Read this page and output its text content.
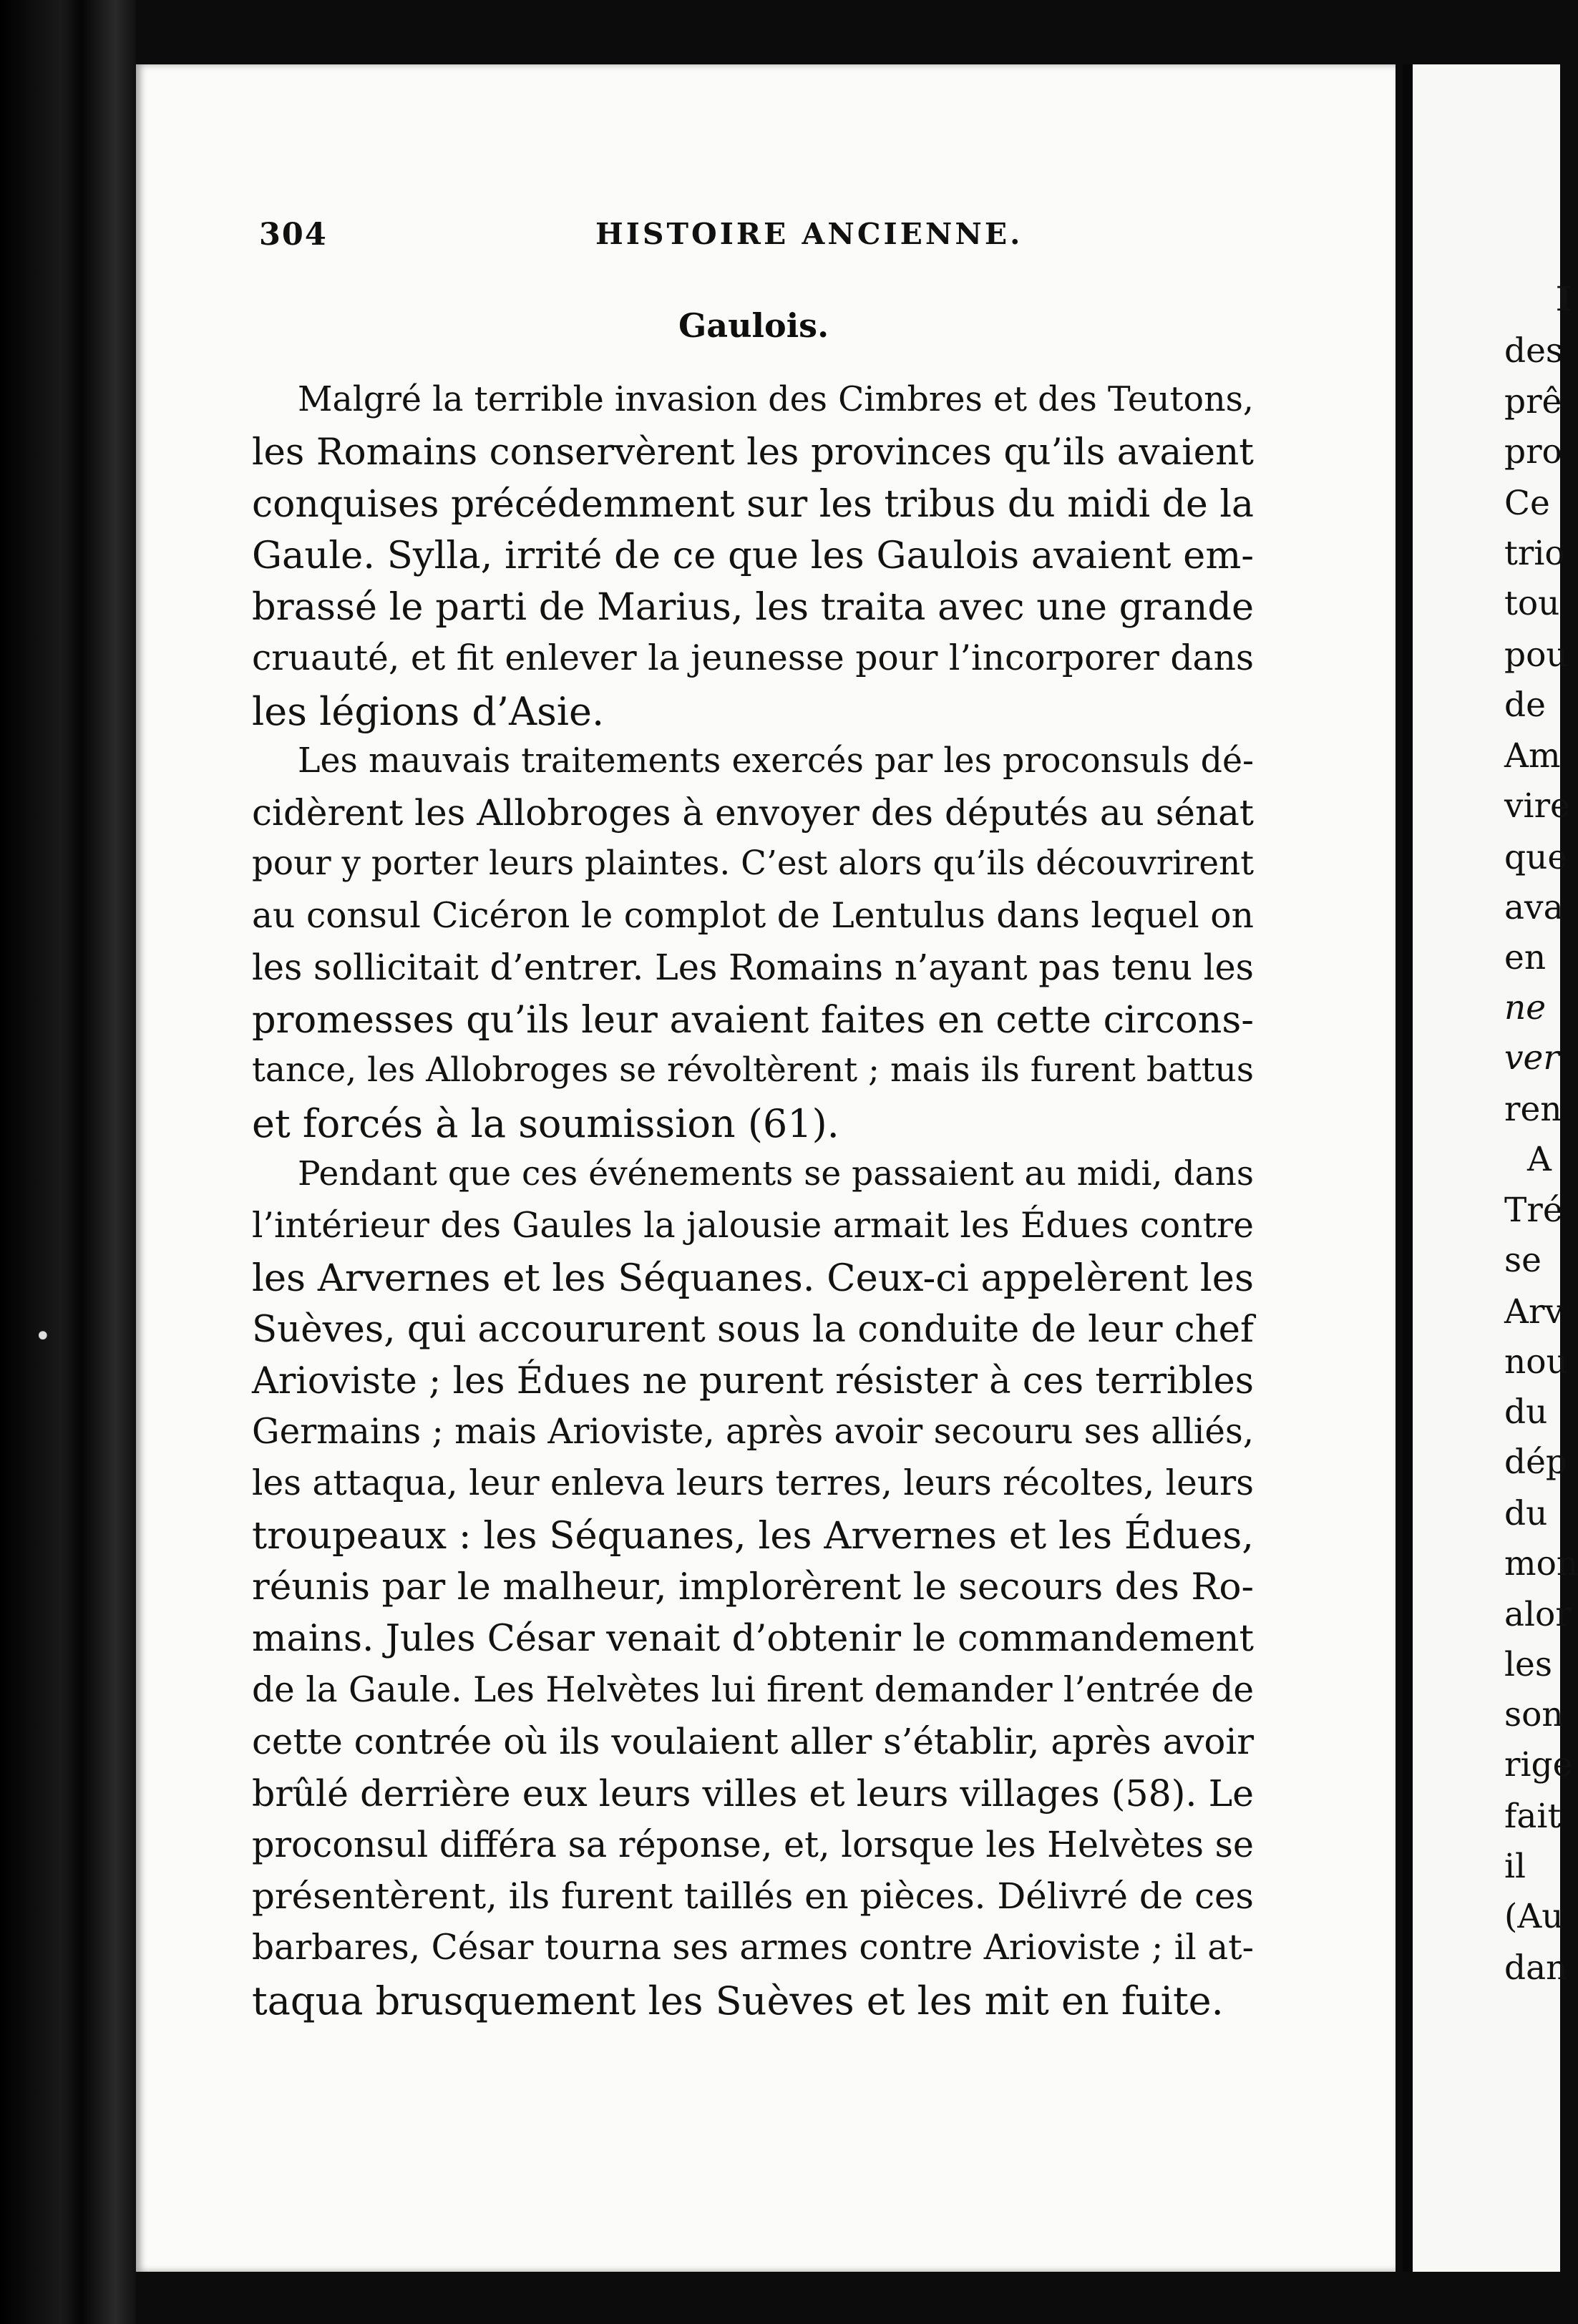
•
304	HISTOIRE ANCIENNE.
Gaulois.
Malgré la terrible invasion des Cimbres et des Teutons,
les Romains conservèrent les provinces qu’ils avaient
conquises précédemment sur les tribus du midi de la
Gaule. Sylla, irrité de ce que les Gaulois avaient em-
brassé le parti de Marius, les traita avec une grande
cruauté, et fit enlever la jeunesse pour l’incorporer dans
les légions d’Asie.
Les mauvais traitements exercés par les proconsuls dé-
cidèrent les Allobroges à envoyer des députés au sénat
pour y porter leurs plaintes. C’est alors qu’ils découvrirent
au consul Cicéron le complot de Lentulus dans lequel on
les sollicitait d’entrer. Les Romains n’ayant pas tenu les
promesses qu’ils leur avaient faites en cette circons-
tance, les Allobroges se révoltèrent ; mais ils furent battus
et forcés à la soumission (61).
Pendant que ces événements se passaient au midi, dans
l’intérieur des Gaules la jalousie armait les Édues contre
les Arvernes et les Séquanes. Ceux-ci appelèrent les
Suèves, qui accoururent sous la conduite de leur chef
Arioviste ; les Édues ne purent résister à ces terribles
Germains ; mais Arioviste, après avoir secouru ses alliés,
les attaqua, leur enleva leurs terres, leurs récoltes, leurs
troupeaux : les Séquanes, les Arvernes et les Édues,
réunis par le malheur, implorèrent le secours des Ro-
mains. Jules César venait d’obtenir le commandement
de la Gaule. Les Helvètes lui firent demander l’entrée de
cette contrée où ils voulaient aller s’établir, après avoir
brûlé derrière eux leurs villes et leurs villages (58). Le
proconsul différa sa réponse, et, lorsque les Helvètes se
présentèrent, ils furent taillés en pièces. Délivré de ces
barbares, César tourna ses armes contre Arioviste ; il at-
taqua brusquement les Suèves et les mit en fuite.
I
des
prê
pro
Ce
trio
tou
pou
de
Am
vire
que
ava
en
ne
ver
ren
A
Tré
se
Arv
nou
du
dép
du
mon
alor
les
son
rige
fait
il
(Au
dan
